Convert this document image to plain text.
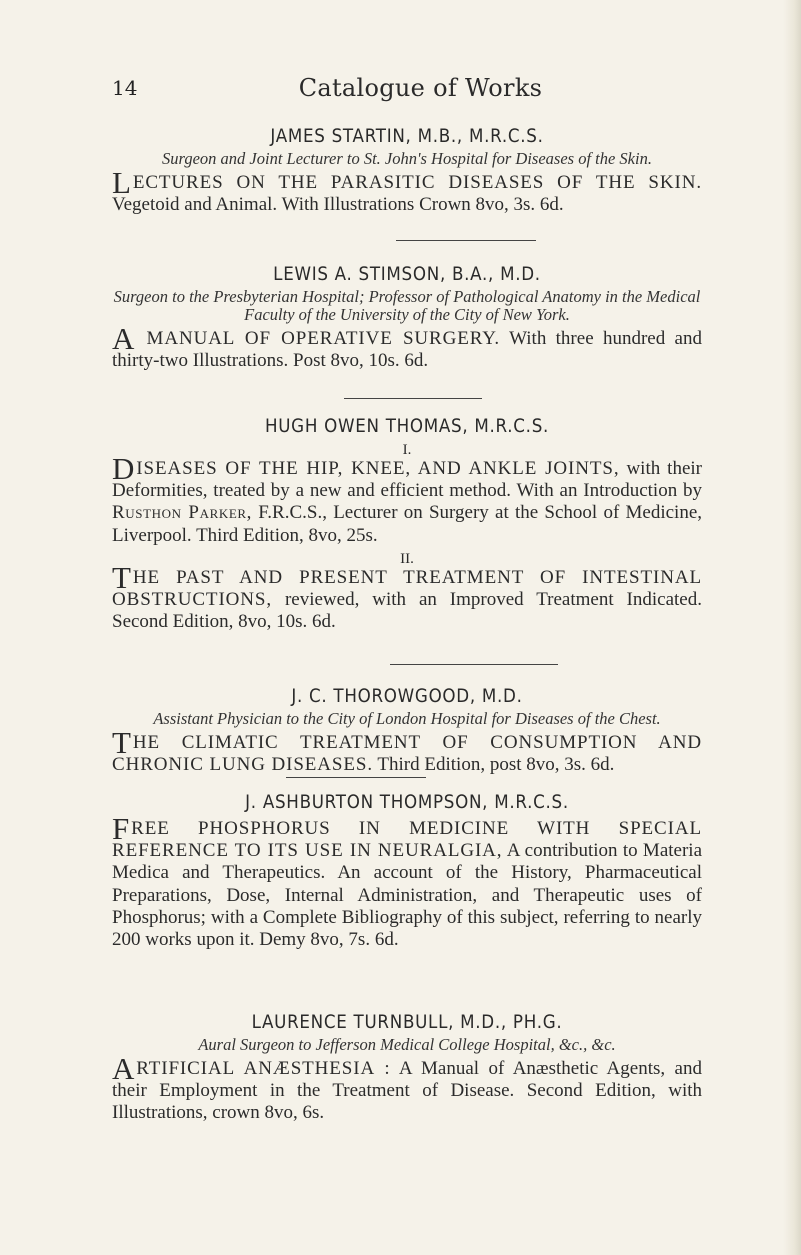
14	Catalogue of Works
JAMES STARTIN, M.B., M.R.C.S.
Surgeon and Joint Lecturer to St. John's Hospital for Diseases of the Skin.
LECTURES ON THE PARASITIC DISEASES OF THE SKIN. Vegetoid and Animal. With Illustrations Crown 8vo, 3s. 6d.
LEWIS A. STIMSON, B.A., M.D.
Surgeon to the Presbyterian Hospital; Professor of Pathological Anatomy in the Medical Faculty of the University of the City of New York.
A MANUAL OF OPERATIVE SURGERY. With three hundred and thirty-two Illustrations. Post 8vo, 10s. 6d.
HUGH OWEN THOMAS, M.R.C.S.
I.
DISEASES OF THE HIP, KNEE, AND ANKLE JOINTS, with their Deformities, treated by a new and efficient method. With an Introduction by Rusthon Parker, F.R.C.S., Lecturer on Surgery at the School of Medicine, Liverpool. Third Edition, 8vo, 25s.
II.
THE PAST AND PRESENT TREATMENT OF INTESTINAL OBSTRUCTIONS, reviewed, with an Improved Treatment Indicated. Second Edition, 8vo, 10s. 6d.
J. C. THOROWGOOD, M.D.
Assistant Physician to the City of London Hospital for Diseases of the Chest.
THE CLIMATIC TREATMENT OF CONSUMPTION AND CHRONIC LUNG DISEASES. Third Edition, post 8vo, 3s. 6d.
J. ASHBURTON THOMPSON, M.R.C.S.
FREE PHOSPHORUS IN MEDICINE WITH SPECIAL REFERENCE TO ITS USE IN NEURALGIA, A contribution to Materia Medica and Therapeutics. An account of the History, Pharmaceutical Preparations, Dose, Internal Administration, and Therapeutic uses of Phosphorus; with a Complete Bibliography of this subject, referring to nearly 200 works upon it. Demy 8vo, 7s. 6d.
LAURENCE TURNBULL, M.D., PH.G.
Aural Surgeon to Jefferson Medical College Hospital, &c., &c.
ARTIFICIAL ANÆSTHESIA : A Manual of Anæsthetic Agents, and their Employment in the Treatment of Disease. Second Edition, with Illustrations, crown 8vo, 6s.
